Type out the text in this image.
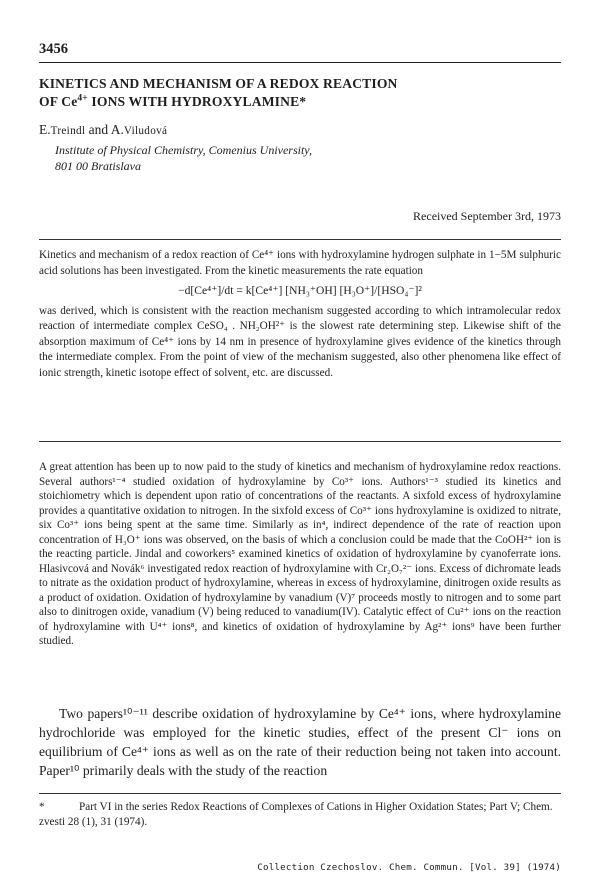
3456
KINETICS AND MECHANISM OF A REDOX REACTION
OF $Ce^{4+}$ IONS WITH HYDROXYLAMINE*
E.Treindl and A.Viludová
Institute of Physical Chemistry, Comenius University,
801 00 Bratislava
Received September 3rd, 1973

Kinetics and mechanism of a redox reaction of Ce⁴⁺ ions with hydroxylamine hydrogen sulphate in 1−5M sulphuric acid solutions has been investigated. From the kinetic measurements the rate equation

−d[Ce⁴⁺]/dt = k[Ce⁴⁺] [NH₃⁺OH] [H₃O⁺]/[HSO₄⁻]²

was derived, which is consistent with the reaction mechanism suggested according to which intramolecular redox reaction of intermediate complex CeSO₄ . NH₂OH²⁺ is the slowest rate determining step. Likewise shift of the absorption maximum of Ce⁴⁺ ions by 14 nm in presence of hydroxylamine gives evidence of the kinetics through the intermediate complex. From the point of view of the mechanism suggested, also other phenomena like effect of ionic strength, kinetic isotope effect of solvent, etc. are discussed.

A great attention has been up to now paid to the study of kinetics and mechanism of hydroxylamine redox reactions. Several authors¹⁻⁴ studied oxidation of hydroxylamine by Co³⁺ ions. Authors¹⁻³ studied its kinetics and stoichiometry which is dependent upon ratio of concentrations of the reactants. A sixfold excess of hydroxylamine provides a quantitative oxidation to nitrogen. In the sixfold excess of Co³⁺ ions hydroxylamine is oxidized to nitrate, six Co³⁺ ions being spent at the same time. Similarly as in⁴, indirect dependence of the rate of reaction upon concentration of H₃O⁺ ions was observed, on the basis of which a conclusion could be made that the CoOH²⁺ ion is the reacting particle. Jindal and coworkers⁵ examined kinetics of oxidation of hydroxylamine by cyanoferrate ions. Hlasivcová and Novák⁶ investigated redox reaction of hydroxylamine with Cr₂O₇²⁻ ions. Excess of dichromate leads to nitrate as the oxidation product of hydroxylamine, whereas in excess of hydroxylamine, dinitrogen oxide results as a product of oxidation. Oxidation of hydroxylamine by vanadium (V)⁷ proceeds mostly to nitrogen and to some part also to dinitrogen oxide, vanadium (V) being reduced to vanadium(IV). Catalytic effect of Cu²⁺ ions on the reaction of hydroxylamine with U⁴⁺ ions⁸, and kinetics of oxidation of hydroxylamine by Ag²⁺ ions⁹ have been further studied.

Two papers¹⁰⁻¹¹ describe oxidation of hydroxylamine by Ce⁴⁺ ions, where hydroxylamine hydrochloride was employed for the kinetic studies, effect of the present Cl⁻ ions on equilibrium of Ce⁴⁺ ions as well as on the rate of their reduction being not taken into account. Paper¹⁰ primarily deals with the study of the reaction

*	Part VI in the series Redox Reactions of Complexes of Cations in Higher Oxidation States; Part V; Chem. zvesti 28 (1), 31 (1974).
Collection Czechoslov. Chem. Commun. [Vol. 39] (1974)
